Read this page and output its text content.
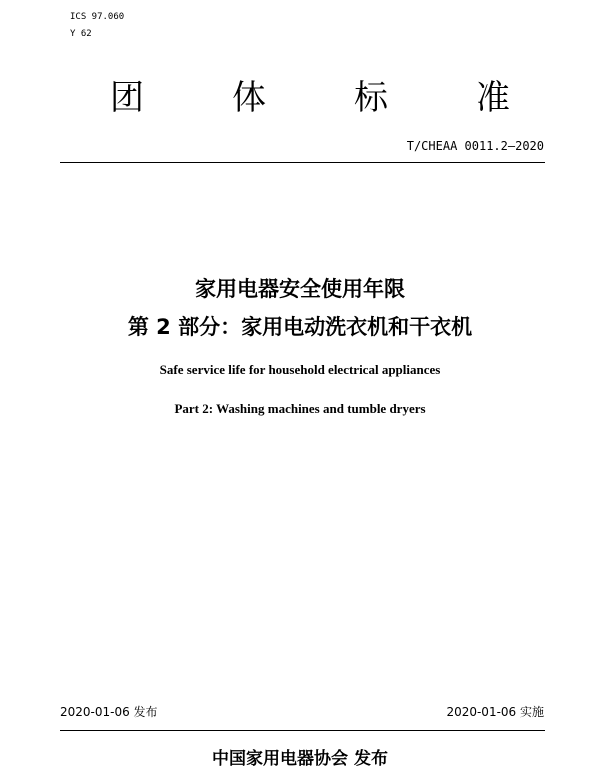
ICS 97.060
Y 62
团	体	标	准
T/CHEAA 0011.2—2020
家用电器安全使用年限
第 2 部分：家用电动洗衣机和干衣机
Safe service life for household electrical appliances
Part 2: Washing machines and tumble dryers
2020-01-06 发布	2020-01-06 实施
中国家用电器协会 发布
